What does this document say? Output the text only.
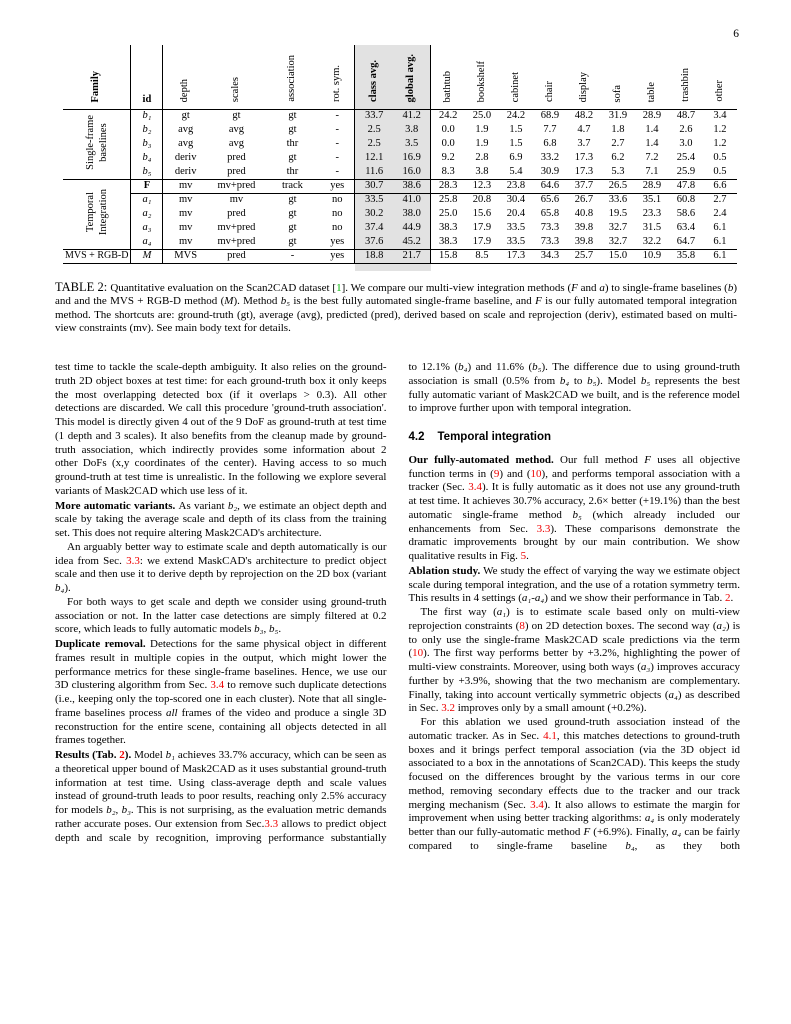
6
Family	id	depth	scales	association	rot. sym.	class avg.	global avg.	bathtub	bookshelf	cabinet	chair	display	sofa	table	trashbin	other
Single-frame baselines	b₁	gt	gt	gt	-	33.7	41.2	24.2	25.0	24.2	68.9	48.2	31.9	28.9	48.7	3.4
	b₂	avg	avg	gt	-	2.5	3.8	0.0	1.9	1.5	7.7	4.7	1.8	1.4	2.6	1.2
	b₃	avg	avg	thr	-	2.5	3.5	0.0	1.9	1.5	6.8	3.7	2.7	1.4	3.0	1.2
	b₄	deriv	pred	gt	-	12.1	16.9	9.2	2.8	6.9	33.2	17.3	6.2	7.2	25.4	0.5
	b₅	deriv	pred	thr	-	11.6	16.0	8.3	3.8	5.4	30.9	17.3	5.3	7.1	25.9	0.5
Temporal Integration	F	mv	mv+pred	track	yes	30.7	38.6	28.3	12.3	23.8	64.6	37.7	26.5	28.9	47.8	6.6
	a₁	mv	mv	gt	no	33.5	41.0	25.8	20.8	30.4	65.6	26.7	33.6	35.1	60.8	2.7
	a₂	mv	pred	gt	no	30.2	38.0	25.0	15.6	20.4	65.8	40.8	19.5	23.3	58.6	2.4
	a₃	mv	mv+pred	gt	no	37.4	44.9	38.3	17.9	33.5	73.3	39.8	32.7	31.5	63.4	6.1
	a₄	mv	mv+pred	gt	yes	37.6	45.2	38.3	17.9	33.5	73.3	39.8	32.7	32.2	64.7	6.1
MVS + RGB-D	M	MVS	pred	-	yes	18.8	21.7	15.8	8.5	17.3	34.3	25.7	15.0	10.9	35.8	6.1

TABLE 2: Quantitative evaluation on the Scan2CAD dataset [1]. We compare our multi-view integration methods (F and a) to single-frame baselines (b) and and the MVS + RGB-D method (M). Method b₅ is the best fully automated single-frame baseline, and F is our fully automated temporal integration method. The shortcuts are: ground-truth (gt), average (avg), predicted (pred), derived based on scale and reprojection (deriv), estimated based on multi-view constraints (mv). See main body text for details.

test time to tackle the scale-depth ambiguity. It also relies on the ground-truth 2D object boxes at test time: for each ground-truth box it only keeps the most overlapping detected box (if it overlaps > 0.3). All other detections are discarded. We call this procedure 'ground-truth association'. This model is directly given 4 out of the 9 DoF as ground-truth at test time (1 depth and 3 scales). It also benefits from the cleanup made by ground-truth association, which indirectly provides some information about 2 other DoFs (x,y coordinates of the center). Having access to so much ground-truth at test time is unrealistic. In the following we explore several variants of Mask2CAD which use less of it.

More automatic variants. As variant b₂, we estimate an object depth and scale by taking the average scale and depth of its class from the training set. This does not require altering Mask2CAD's architecture.

An arguably better way to estimate scale and depth automatically is our idea from Sec. 3.3: we extend MaskCAD's architecture to predict object scale and then use it to derive depth by reprojection on the 2D box (variant b₄).

For both ways to get scale and depth we consider using ground-truth association or not. In the latter case detections are simply filtered at 0.2 score, which leads to fully automatic models b₃, b₅.

Duplicate removal. Detections for the same physical object in different frames result in multiple copies in the output, which might lower the performance metrics for these single-frame baselines. Hence, we use our 3D clustering algorithm from Sec. 3.4 to remove such duplicate detections (i.e., keeping only the top-scored one in each cluster). Note that all single-frame baselines process all frames of the video and produce a single 3D reconstruction for the entire scene, containing all objects detected in all frames together.

Results (Tab. 2). Model b₁ achieves 33.7% accuracy, which can be seen as a theoretical upper bound of Mask2CAD as it uses substantial ground-truth information at test time. Using class-average depth and scale values instead of ground-truth leads to poor results, reaching only 2.5% accuracy for models b₂, b₃. This is not surprising, as the evaluation metric demands rather accurate poses. Our extension from Sec.3.3 allows to predict object depth and scale by recognition, improving performance substantially

to 12.1% (b₄) and 11.6% (b₅). The difference due to using ground-truth association is small (0.5% from b₄ to b₅). Model b₅ represents the best fully automatic variant of Mask2CAD we built, and is the reference model to improve further upon with temporal integration.

4.2 Temporal integration

Our fully-automated method. Our full method F uses all objective function terms in (9) and (10), and performs temporal association with a tracker (Sec. 3.4). It is fully automatic as it does not use any ground-truth at test time. It achieves 30.7% accuracy, 2.6× better (+19.1%) than the best automatic single-frame method b₅ (which already included our enhancements from Sec. 3.3). These comparisons demonstrate the dramatic improvements brought by our main contribution. We show qualitative results in Fig. 5.

Ablation study. We study the effect of varying the way we estimate object scale during temporal integration, and the use of a rotation symmetry term. This results in 4 settings (a₁-a₄) and we show their performance in Tab. 2.

The first way (a₁) is to estimate scale based only on multi-view reprojection constraints (8) on 2D detection boxes. The second way (a₂) is to only use the single-frame Mask2CAD scale predictions via the term (10). The first way performs better by +3.2%, highlighting the power of multi-view constraints. Moreover, using both ways (a₃) improves accuracy further by +3.9%, showing that the two mechanism are complementary. Finally, taking into account vertically symmetric objects (a₄) as described in Sec. 3.2 improves only by a small amount (+0.2%).

For this ablation we used ground-truth association instead of the automatic tracker. As in Sec. 4.1, this matches detections to ground-truth boxes and it brings perfect temporal association (via the 3D object id associated to a box in the annotations of Scan2CAD). This keeps the study focused on the differences brought by the various terms in our core method, removing secondary effects due to the tracker and our track merging mechanism (Sec. 3.4). It also allows to estimate the margin for improvement when using better tracking algorithms: a₄ is only moderately better than our fully-automatic method F (+6.9%). Finally, a₄ can be fairly compared to single-frame baseline b₄, as they both
